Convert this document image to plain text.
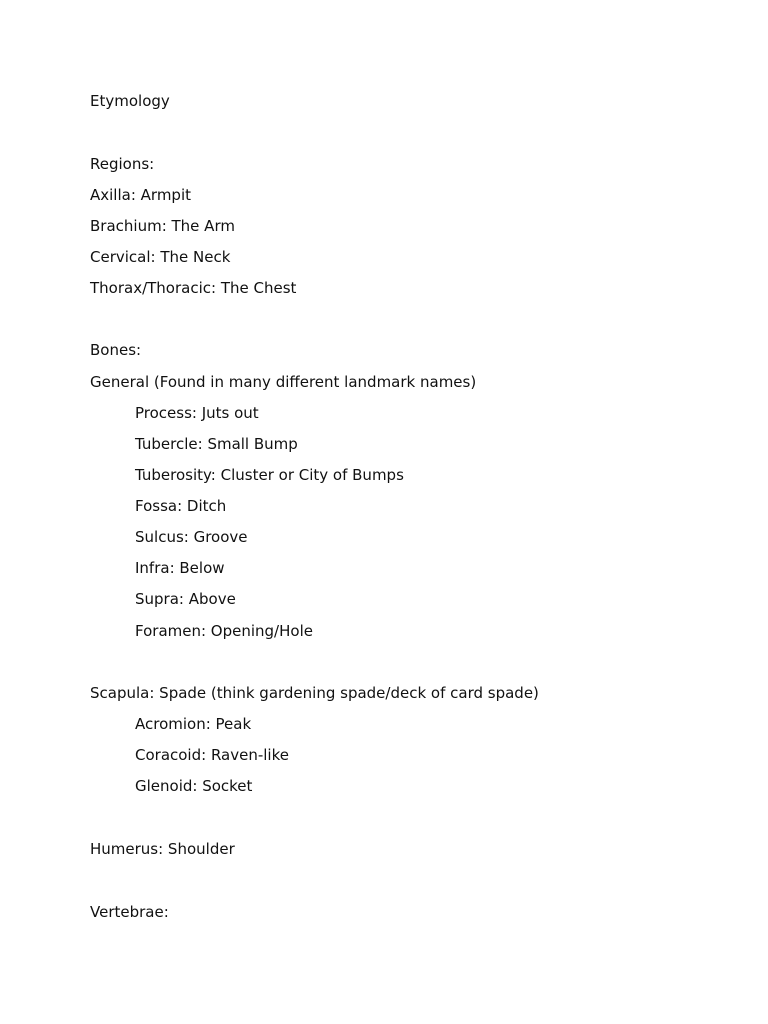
Etymology
Regions:
Axilla: Armpit
Brachium: The Arm
Cervical: The Neck
Thorax/Thoracic: The Chest
Bones:
General (Found in many different landmark names)
Process: Juts out
Tubercle: Small Bump
Tuberosity: Cluster or City of Bumps
Fossa: Ditch
Sulcus: Groove
Infra: Below
Supra: Above
Foramen: Opening/Hole
Scapula: Spade (think gardening spade/deck of card spade)
Acromion: Peak
Coracoid: Raven-like
Glenoid: Socket
Humerus: Shoulder
Vertebrae:
